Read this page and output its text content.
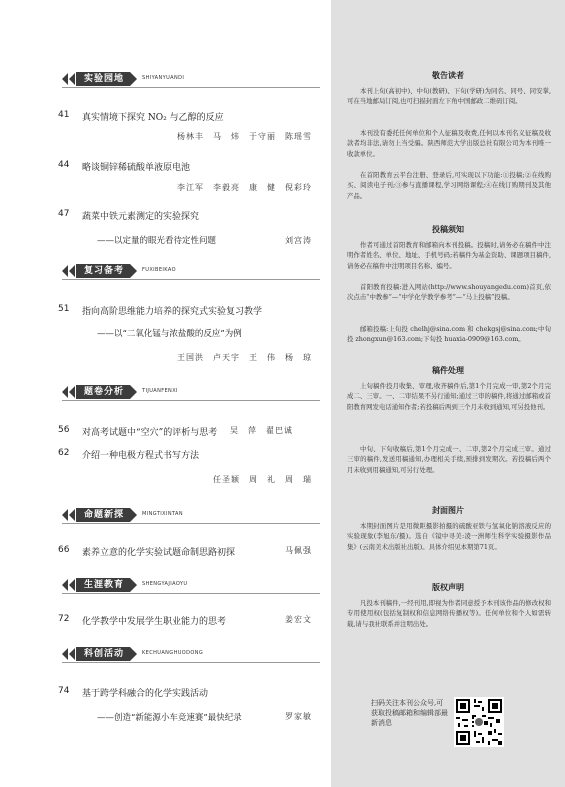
实验园地	SHIYANYUANDI
41 真实情境下探究 NO₂ 与乙醇的反应
杨林丰　马　炜　于守丽　陈瑶雪
44 略谈铜锌稀硫酸单液原电池
李江军　李毅亮　康　健　倪彩玲
47 蔬菜中铁元素测定的实验探究
——以定量的眼光看待定性问题	刘宫涛
复习备考	FUXIBEIKAO
51 指向高阶思维能力培养的探究式实验复习教学
——以“二氧化锰与浓盐酸的反应”为例
王国洪　卢天宇　王　伟　杨　琼
题卷分析	TIJUANFENXI
56 对高考试题中“空穴”的评析与思考 吴　萍　翟巴诚
62 介绍一种电极方程式书写方法
任圣颖　周　礼　周　瑞
命题新探	MINGTIXINTAN
66 素养立意的化学实验试题命制思路初探	马佩强
生涯教育	SHENGYAJIAOYU
72 化学教学中发展学生职业能力的思考	姜宏文
科创活动	KECHUANGHUODONG
74 基于跨学科融合的化学实践活动
——创造“新能源小车竞速赛”最快纪录	罗家敏
敬告读者
本刊上旬(高初中)、中旬(教研)、下旬(学研)为同名、同号、同安掌,可在当地邮局订阅,也可扫描封面左下角中国邮政二维码订阅。
本刊没有委托任何单位和个人征稿及收费,任何以本刊名义征稿及收款者均非法,请勿上当受骗。陕西师范大学出版总社有限公司为本刊唯一收款单位。
在首阳教育云平台注册、登录后,可实现以下功能:①投稿;②在线购买、阅读电子刊;③参与直播课程,学习网络课程;④在线订购期刊及其他产品。
投稿须知
作者可通过首阳教育和邮箱向本刊投稿。投稿时,请务必在稿件中注明作者姓名、单位、地址、手机号码;若稿件为基金资助、课题项目稿件,请务必在稿件中注明项目名称、编号。
首阳教育投稿:进入网站(http://www.shouyangedu.com)首页,依次点击“中教参”—“中学化学教学参考”—“马上投稿”投稿。
邮箱投稿:上旬投 chelhj@sina.com 和 chekgsj@sina.com;中旬投 zhongxun@163.com;下旬投 huaxia-0909@163.com。
稿件处理
上旬稿件投月收集、审理,收齐稿件后,第1个月完成一审,第2个月完成二、三审。一、二审结果不另行通知;通过三审的稿件,将通过邮箱或首阳教育网发电话通知作者;若投稿后两到三个月未收到通知,可另投他刊。
中旬、下旬收稿后,第1个月完成一、二审,第2个月完成三审。通过三审的稿件,发送用稿通知,办理相关手续,预排到发期次。若投稿后两个月未收到用稿通知,可另行处理。
封面图片
本期封面图片是用微距摄影拍摄的硫酸亚铁与氢氧化钠溶液反应的实验现象(李旭东/摄)。选自《镜中寻美:凌一洲师生科学实验摄影作品集》(云南美术出版社出版)。具体介绍见本期第71页。
版权声明
凡投本刊稿件,一经刊用,即视为作者同意授予本刊该作品的修改权和专用使用权(包括复制权和信息网络传播权等)。任何单位和个人如需转载,请与我社联系并注明出处。
扫码关注本刊公众号,可获取投稿邮箱和编辑部最新消息
